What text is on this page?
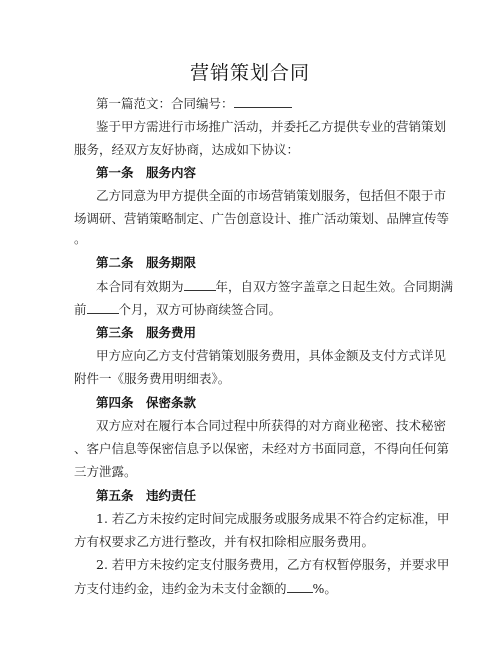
营销策划合同
第一篇范文：合同编号：
鉴于甲方需进行市场推广活动，并委托乙方提供专业的营销策划
服务，经双方友好协商，达成如下协议：
第一条　服务内容
乙方同意为甲方提供全面的市场营销策划服务，包括但不限于市
场调研、营销策略制定、广告创意设计、推广活动策划、品牌宣传等
。
第二条　服务期限
本合同有效期为	年，自双方签字盖章之日起生效。合同期满
前	个月，双方可协商续签合同。
第三条　服务费用
甲方应向乙方支付营销策划服务费用，具体金额及支付方式详见
附件一《服务费用明细表》。
第四条　保密条款
双方应对在履行本合同过程中所获得的对方商业秘密、技术秘密
、客户信息等保密信息予以保密，未经对方书面同意，不得向任何第
三方泄露。
第五条　违约责任
1. 若乙方未按约定时间完成服务或服务成果不符合约定标准，甲
方有权要求乙方进行整改，并有权扣除相应服务费用。
2. 若甲方未按约定支付服务费用，乙方有权暂停服务，并要求甲
方支付违约金，违约金为未支付金额的 %。
